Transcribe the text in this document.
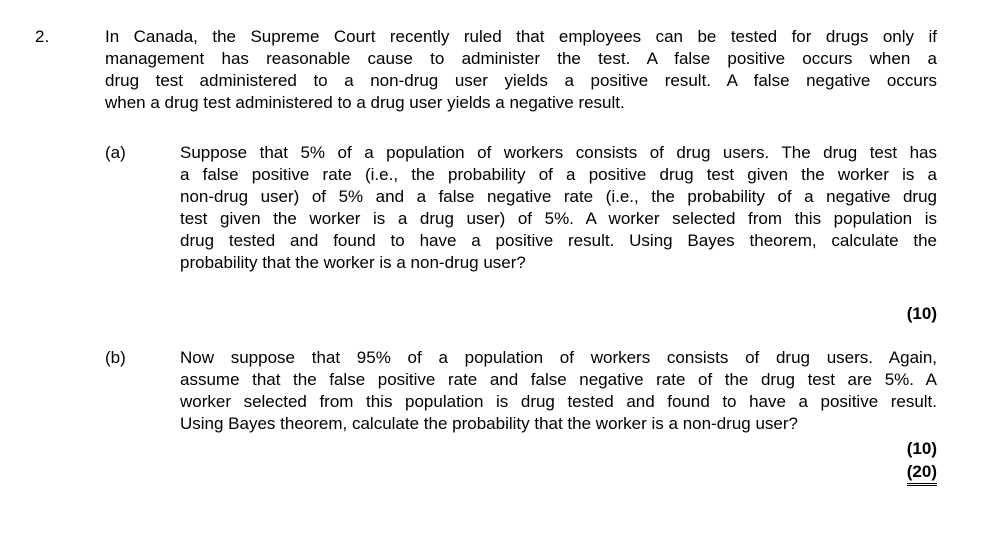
2.	In Canada, the Supreme Court recently ruled that employees can be tested for drugs only if
management has reasonable cause to administer the test. A false positive occurs when a
drug test administered to a non-drug user yields a positive result. A false negative occurs
when a drug test administered to a drug user yields a negative result.
(a)	Suppose that 5% of a population of workers consists of drug users. The drug test has
a false positive rate (i.e., the probability of a positive drug test given the worker is a
non-drug user) of 5% and a false negative rate (i.e., the probability of a negative drug
test given the worker is a drug user) of 5%. A worker selected from this population is
drug tested and found to have a positive result. Using Bayes theorem, calculate the
probability that the worker is a non-drug user?
(10)
(b)	Now suppose that 95% of a population of workers consists of drug users. Again,
assume that the false positive rate and false negative rate of the drug test are 5%. A
worker selected from this population is drug tested and found to have a positive result.
Using Bayes theorem, calculate the probability that the worker is a non-drug user?
(10)
(20)
